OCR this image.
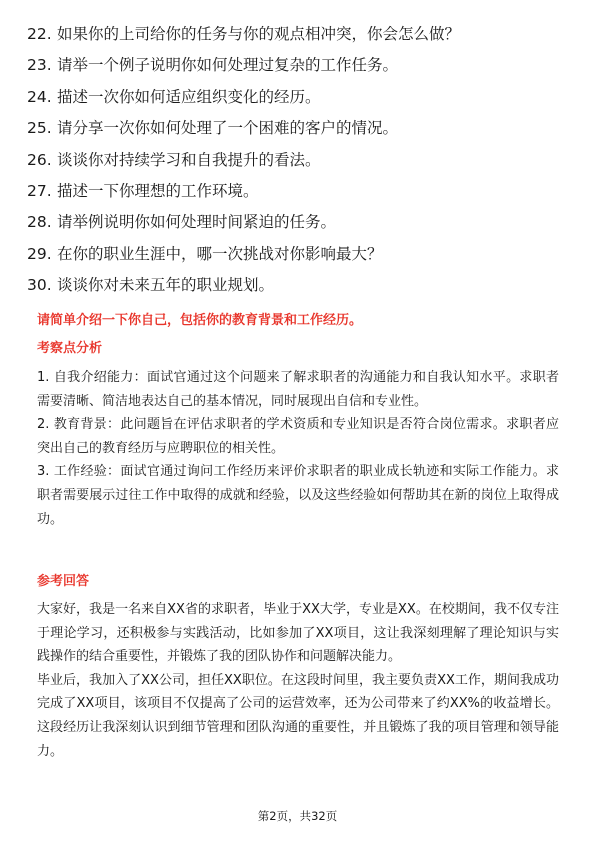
22. 如果你的上司给你的任务与你的观点相冲突，你会怎么做？
23. 请举一个例子说明你如何处理过复杂的工作任务。
24. 描述一次你如何适应组织变化的经历。
25. 请分享一次你如何处理了一个困难的客户的情况。
26. 谈谈你对持续学习和自我提升的看法。
27. 描述一下你理想的工作环境。
28. 请举例说明你如何处理时间紧迫的任务。
29. 在你的职业生涯中，哪一次挑战对你影响最大？
30. 谈谈你对未来五年的职业规划。
请简单介绍一下你自己，包括你的教育背景和工作经历。
考察点分析

1. 自我介绍能力：面试官通过这个问题来了解求职者的沟通能力和自我认知水平。求职者需要清晰、简洁地表达自己的基本情况，同时展现出自信和专业性。

2. 教育背景：此问题旨在评估求职者的学术资质和专业知识是否符合岗位需求。求职者应突出自己的教育经历与应聘职位的相关性。

3. 工作经验：面试官通过询问工作经历来评价求职者的职业成长轨迹和实际工作能力。求职者需要展示过往工作中取得的成就和经验，以及这些经验如何帮助其在新的岗位上取得成功。

参考回答

大家好，我是一名来自XX省的求职者，毕业于XX大学，专业是XX。在校期间，我不仅专注于理论学习，还积极参与实践活动，比如参加了XX项目，这让我深刻理解了理论知识与实践操作的结合重要性，并锻炼了我的团队协作和问题解决能力。

毕业后，我加入了XX公司，担任XX职位。在这段时间里，我主要负责XX工作，期间我成功完成了XX项目，该项目不仅提高了公司的运营效率，还为公司带来了约XX%的收益增长。这段经历让我深刻认识到细节管理和团队沟通的重要性，并且锻炼了我的项目管理和领导能力。

第2页，共32页
